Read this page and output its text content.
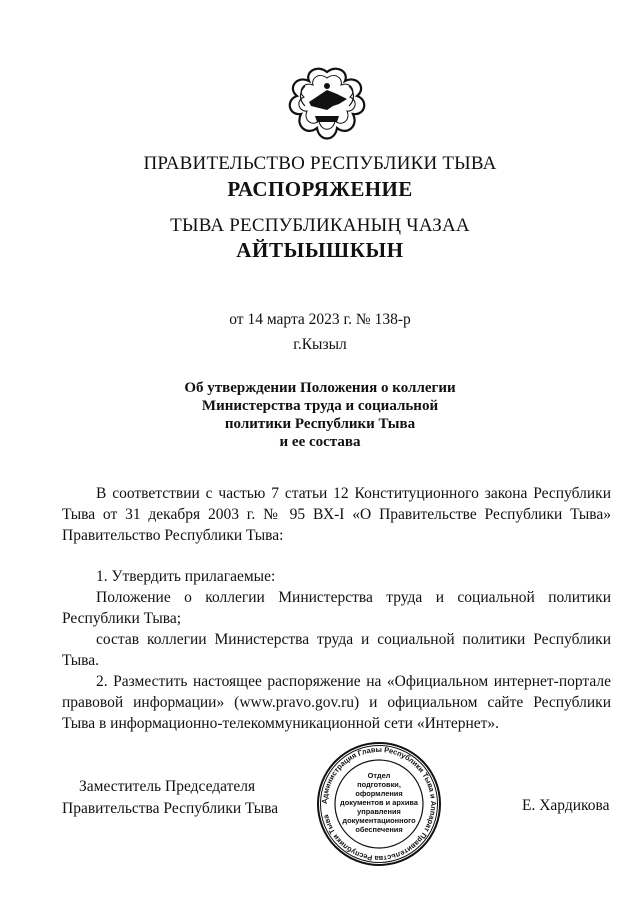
ПРАВИТЕЛЬСТВО РЕСПУБЛИКИ ТЫВА
РАСПОРЯЖЕНИЕ
ТЫВА РЕСПУБЛИКАНЫҢ ЧАЗАА
АЙТЫЫШКЫН
от 14 марта 2023 г. № 138-р
г.Кызыл
Об утверждении Положения о коллегии
Министерства труда и социальной
политики Республики Тыва
и ее состава

В соответствии с частью 7 статьи 12 Конституционного закона Республики Тыва от 31 декабря 2003 г. № 95 ВХ-I «О Правительстве Республики Тыва» Правительство Республики Тыва:

1. Утвердить прилагаемые:

Положение о коллегии Министерства труда и социальной политики Республики Тыва;

состав коллегии Министерства труда и социальной политики Республики Тыва.

2. Разместить настоящее распоряжение на «Официальном интернет-портале правовой информации» (www.pravo.gov.ru) и официальном сайте Республики Тыва в информационно-телекоммуникационной сети «Интернет».

Заместитель Председателя
Правительства Республики Тыва	Администрация Главы Республики Тыва и Аппарат Правительства Республики Тыва
Отдел
подготовки,
оформления
документов и архива
управления
документационного
обеспечения
Е. Хардикова
